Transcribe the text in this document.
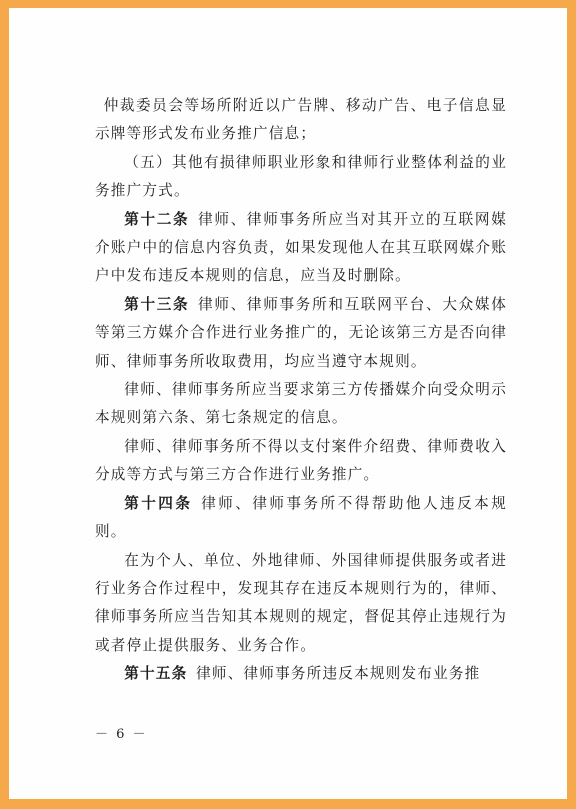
仲裁委员会等场所附近以广告牌、移动广告、电子信息显示牌等形式发布业务推广信息；

（五）其他有损律师职业形象和律师行业整体利益的业务推广方式。

第十二条 律师、律师事务所应当对其开立的互联网媒介账户中的信息内容负责，如果发现他人在其互联网媒介账户中发布违反本规则的信息，应当及时删除。

第十三条 律师、律师事务所和互联网平台、大众媒体等第三方媒介合作进行业务推广的，无论该第三方是否向律师、律师事务所收取费用，均应当遵守本规则。

律师、律师事务所应当要求第三方传播媒介向受众明示本规则第六条、第七条规定的信息。

律师、律师事务所不得以支付案件介绍费、律师费收入分成等方式与第三方合作进行业务推广。

第十四条 律师、律师事务所不得帮助他人违反本规则。

在为个人、单位、外地律师、外国律师提供服务或者进行业务合作过程中，发现其存在违反本规则行为的，律师、律师事务所应当告知其本规则的规定，督促其停止违规行为或者停止提供服务、业务合作。

第十五条 律师、律师事务所违反本规则发布业务推

－ 6 －
